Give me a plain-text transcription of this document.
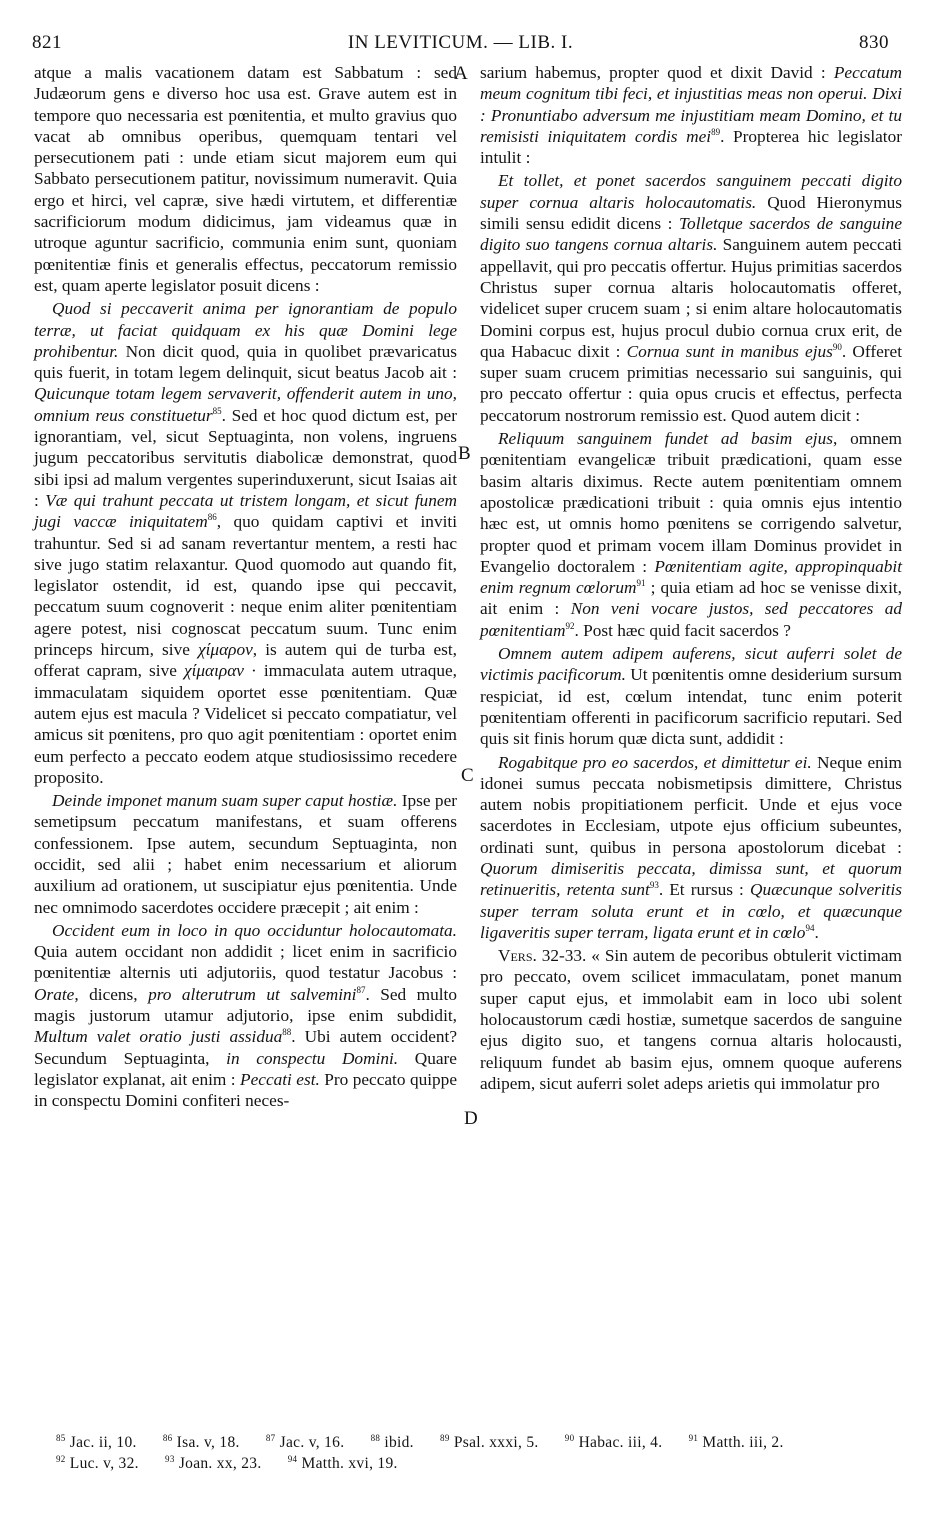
821	IN LEVITICUM. — LIB. I.	830
A
B
C
D

atque a malis vacationem datam est Sabbatum : sed Judæorum gens e diverso hoc usa est. Grave autem est in tempore quo necessaria est pœnitentia, et multo gravius quo vacat ab omnibus operibus, quemquam tentari vel persecutionem pati : unde etiam sicut majorem eum qui Sabbato persecutionem patitur, novissimum numeravit. Quia ergo et hirci, vel capræ, sive hædi virtutem, et differentiæ sacrificiorum modum didicimus, jam videamus quæ in utroque aguntur sacrificio, communia enim sunt, quoniam pœnitentiæ finis et generalis effectus, peccatorum remissio est, quam aperte legislator posuit dicens :

Quod si peccaverit anima per ignorantiam de populo terræ, ut faciat quidquam ex his quæ Domini lege prohibentur. Non dicit quod, quia in quolibet prævaricatus quis fuerit, in totam legem delinquit, sicut beatus Jacob ait : Quicunque totam legem servaverit, offenderit autem in uno, omnium reus constituetur$^{85}$. Sed et hoc quod dictum est, per ignorantiam, vel, sicut Septuaginta, non volens, ingruens jugum peccatoribus servitutis diabolicæ demonstrat, quod sibi ipsi ad malum vergentes superinduxerunt, sicut Isaias ait : Væ qui trahunt peccata ut tristem longam, et sicut funem jugi vaccæ iniquitatem$^{86}$, quo quidam captivi et inviti trahuntur. Sed si ad sanam revertantur mentem, a resti hac sive jugo statim relaxantur. Quod quomodo aut quando fit, legislator ostendit, id est, quando ipse qui peccavit, peccatum suum cognoverit : neque enim aliter pœnitentiam agere potest, nisi cognoscat peccatum suum. Tunc enim princeps hircum, sive χίμαρον, is autem qui de turba est, offerat capram, sive χίμαιραν · immaculata autem utraque, immaculatam siquidem oportet esse pœnitentiam. Quæ autem ejus est macula ? Videlicet si peccato compatiatur, vel amicus sit pœnitens, pro quo agit pœnitentiam : oportet enim eum perfecto a peccato eodem atque studiosissimo recedere proposito.

Deinde imponet manum suam super caput hostiæ. Ipse per semetipsum peccatum manifestans, et suam offerens confessionem. Ipse autem, secundum Septuaginta, non occidit, sed alii ; habet enim necessarium et aliorum auxilium ad orationem, ut suscipiatur ejus pœnitentia. Unde nec omnimodo sacerdotes occidere præcepit ; ait enim :

Occident eum in loco in quo occiduntur holocautomata. Quia autem occidant non addidit ; licet enim in sacrificio pœnitentiæ alternis uti adjutoriis, quod testatur Jacobus : Orate, dicens, pro alterutrum ut salvemini$^{87}$. Sed multo magis justorum utamur adjutorio, ipse enim subdidit, Multum valet oratio justi assidua$^{88}$. Ubi autem occident? Secundum Septuaginta, in conspectu Domini. Quare legislator explanat, ait enim : Peccati est. Pro peccato quippe in conspectu Domini confiteri neces-

sarium habemus, propter quod et dixit David : Peccatum meum cognitum tibi feci, et injustitias meas non operui. Dixi : Pronuntiabo adversum me injustitiam meam Domino, et tu remisisti iniquitatem cordis mei$^{89}$. Propterea hic legislator intulit :

Et tollet, et ponet sacerdos sanguinem peccati digito super cornua altaris holocautomatis. Quod Hieronymus simili sensu edidit dicens : Tolletque sacerdos de sanguine digito suo tangens cornua altaris. Sanguinem autem peccati appellavit, qui pro peccatis offertur. Hujus primitias sacerdos Christus super cornua altaris holocautomatis offeret, videlicet super crucem suam ; si enim altare holocautomatis Domini corpus est, hujus procul dubio cornua crux erit, de qua Habacuc dixit : Cornua sunt in manibus ejus$^{90}$. Offeret super suam crucem primitias necessario sui sanguinis, qui pro peccato offertur : quia opus crucis et effectus, perfecta peccatorum nostrorum remissio est. Quod autem dicit :

Reliquum sanguinem fundet ad basim ejus, omnem pœnitentiam evangelicæ tribuit prædicationi, quam esse basim altaris diximus. Recte autem pœnitentiam omnem apostolicæ prædicationi tribuit : quia omnis ejus intentio hæc est, ut omnis homo pœnitens se corrigendo salvetur, propter quod et primam vocem illam Dominus providet in Evangelio doctoralem : Pœnitentiam agite, appropinquabit enim regnum cœlorum$^{91}$ ; quia etiam ad hoc se venisse dixit, ait enim : Non veni vocare justos, sed peccatores ad pœnitentiam$^{92}$. Post hæc quid facit sacerdos ?

Omnem autem adipem auferens, sicut auferri solet de victimis pacificorum. Ut pœnitentis omne desiderium sursum respiciat, id est, cœlum intendat, tunc enim poterit pœnitentiam offerenti in pacificorum sacrificio reputari. Sed quis sit finis horum quæ dicta sunt, addidit :

Rogabitque pro eo sacerdos, et dimittetur ei. Neque enim idonei sumus peccata nobismetipsis dimittere, Christus autem nobis propitiationem perficit. Unde et ejus voce sacerdotes in Ecclesiam, utpote ejus officium subeuntes, ordinati sunt, quibus in persona apostolorum dicebat : Quorum dimiseritis peccata, dimissa sunt, et quorum retinueritis, retenta sunt$^{93}$. Et rursus : Quæcunque solveritis super terram soluta erunt et in cœlo, et quæcunque ligaveritis super terram, ligata erunt et in cœlo$^{94}$.

Vers. 32-33. « Sin autem de pecoribus obtulerit victimam pro peccato, ovem scilicet immaculatam, ponet manum super caput ejus, et immolabit eam in loco ubi solent holocaustorum cædi hostiæ, sumetque sacerdos de sanguine ejus digito suo, et tangens cornua altaris holocausti, reliquum fundet ab basim ejus, omnem quoque auferens adipem, sicut auferri solet adeps arietis qui immolatur pro

$^{85}$ Jac. ii, 10.	$^{86}$ Isa. v, 18.	$^{87}$ Jac. v, 16.	$^{88}$ ibid.	$^{89}$ Psal. xxxi, 5.	$^{90}$ Habac. iii, 4.	$^{91}$ Matth. iii, 2.
$^{92}$ Luc. v, 32.	$^{93}$ Joan. xx, 23.	$^{94}$ Matth. xvi, 19.
